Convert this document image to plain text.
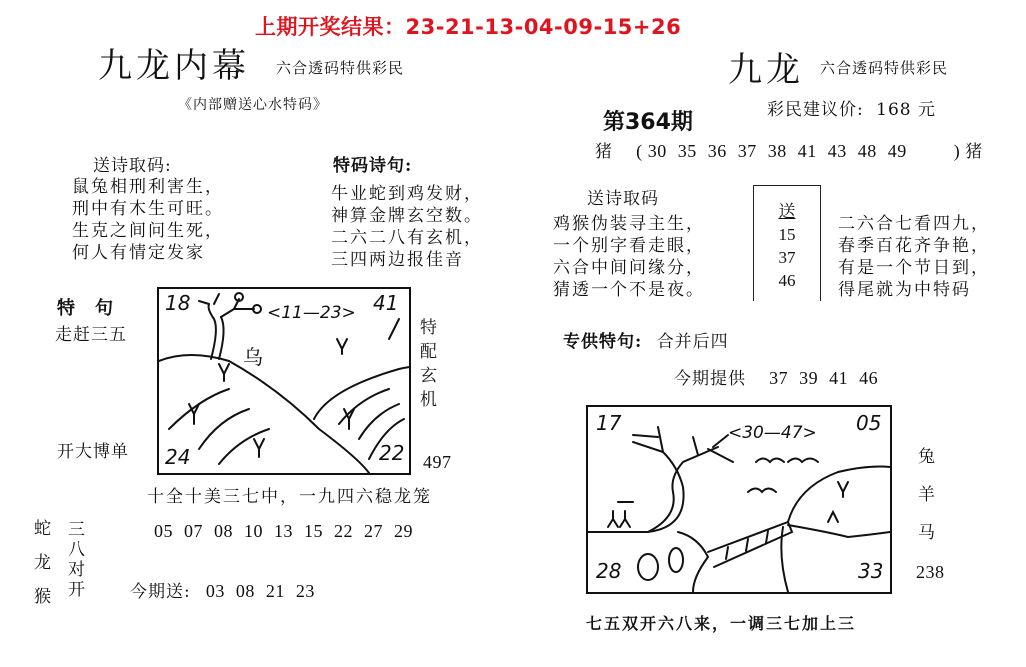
上期开奖结果：23-21-13-04-09-15+26
九龙内幕 六合透码特供彩民
《内部赠送心水特码》
送诗取码:
鼠兔相刑利害生，
刑中有木生可旺。
生克之间问生死，
何人有情定发家
特码诗句:
牛业蛇到鸡发财，
神算金牌玄空数。
二六二八有玄机，
三四两边报佳音
特　句
走赶三五
开大博单
18	41
24	22
<11—23>
乌
特
配
玄
机
497
十全十美三七中，一九四六稳龙笼
蛇
龙
猴
三
八
对
开
05 07 08 10 13 15 22 27 29
今期送: 03 08 21 23
九龙 六合透码特供彩民
第364期	彩民建议价: 168 元
猪 ( 30 35 36 37 38 41 43 48 49	) 猪
送诗取码
鸡猴伪装寻主生，
一个别字看走眼，
六合中间问缘分，
猜透一个不是夜。
送
15
37
46
二六合七看四九，
春季百花齐争艳，
有是一个节日到，
得尾就为中特码
专供特句: 合并后四
今期提供 37 39 41 46
17	05
28	33
<30—47>
兔
羊
马
238
七五双开六八来，一调三七加上三
